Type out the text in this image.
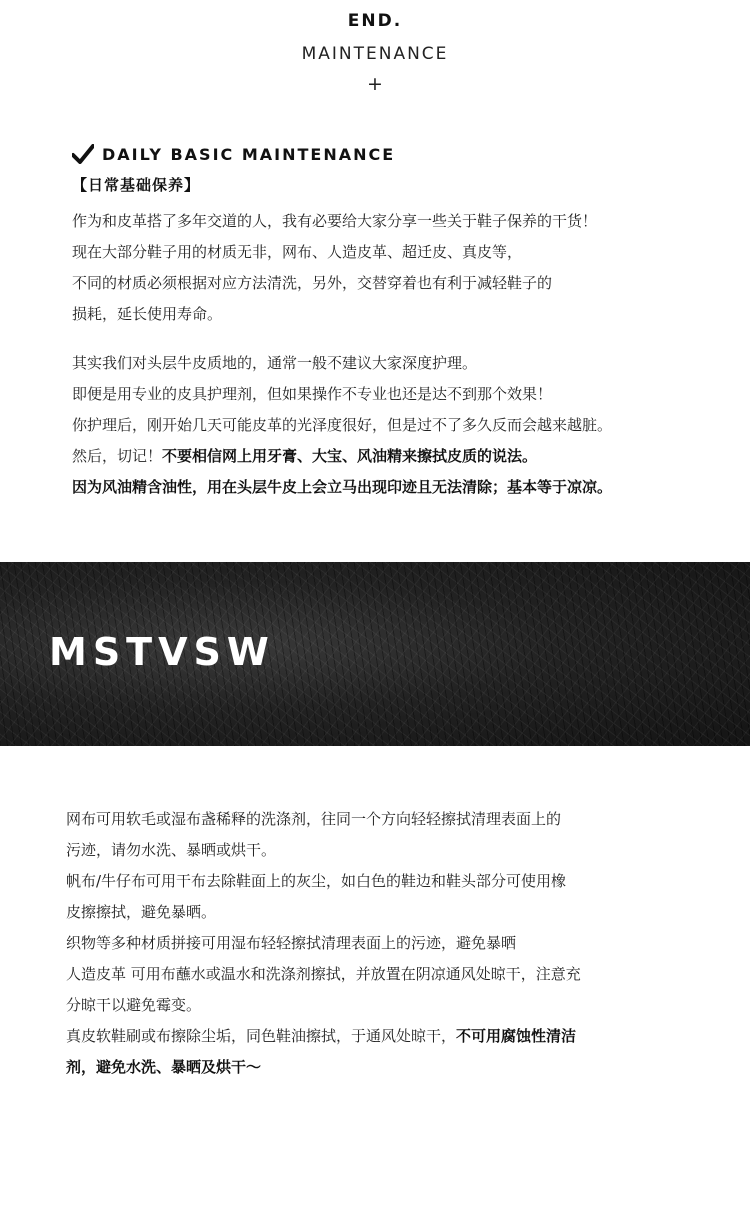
END.
MAINTENANCE
+
DAILY BASIC MAINTENANCE
【日常基础保养】
作为和皮革搭了多年交道的人，我有必要给大家分享一些关于鞋子保养的干货！
现在大部分鞋子用的材质无非，网布、人造皮革、超迁皮、真皮等，
不同的材质必须根据对应方法清洗，另外，交替穿着也有利于减轻鞋子的
损耗，延长使用寿命。
其实我们对头层牛皮质地的，通常一般不建议大家深度护理。
即便是用专业的皮具护理剂，但如果操作不专业也还是达不到那个效果！
你护理后，刚开始几天可能皮革的光泽度很好，但是过不了多久反而会越来越脏。
然后，切记！不要相信网上用牙膏、大宝、风油精来擦拭皮质的说法。
因为风油精含油性，用在头层牛皮上会立马出现印迹且无法清除；基本等于凉凉。
MSTVSW
网布可用软毛或湿布盏稀释的洗涤剂，往同一个方向轻轻擦拭清理表面上的
污迹，请勿水洗、暴晒或烘干。
帆布/牛仔布可用干布去除鞋面上的灰尘，如白色的鞋边和鞋头部分可使用橡
皮擦擦拭，避免暴晒。
织物等多种材质拼接可用湿布轻轻擦拭清理表面上的污迹，避免暴晒
人造皮革 可用布蘸水或温水和洗涤剂擦拭，并放置在阴凉通风处晾干，注意充
分晾干以避免霉变。
真皮软鞋刷或布擦除尘垢，同色鞋油擦拭，于通风处晾干，不可用腐蚀性清洁
剂，避免水洗、暴晒及烘干～
